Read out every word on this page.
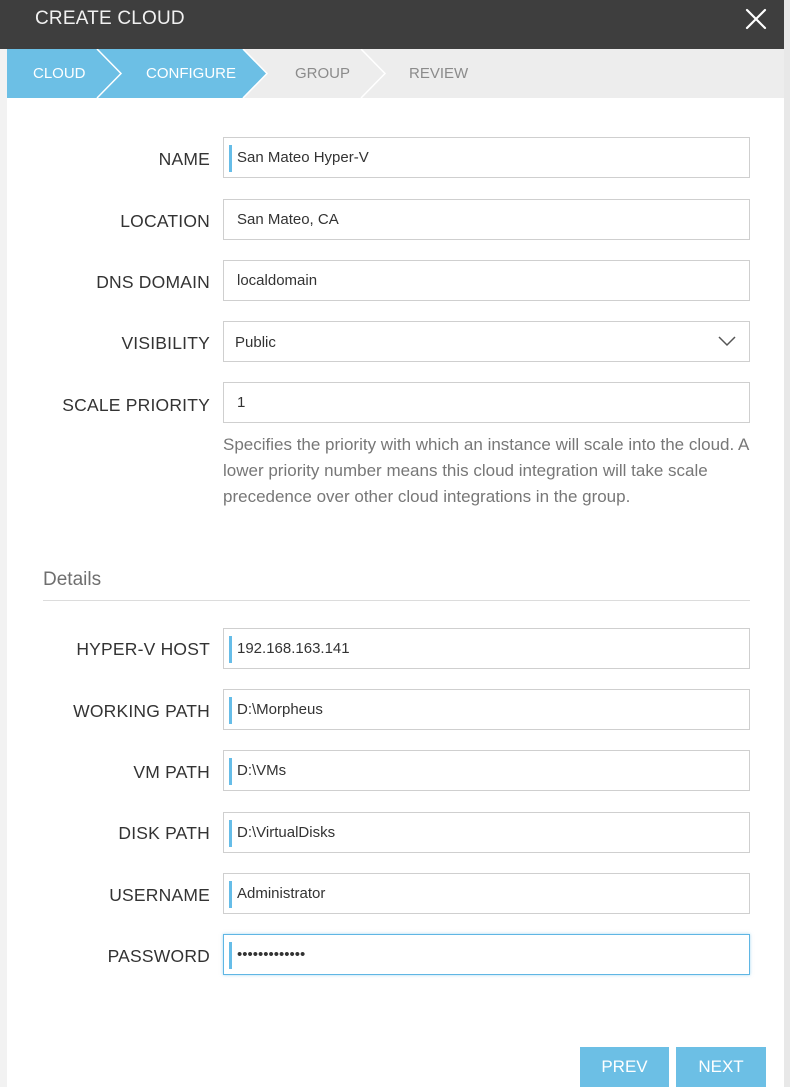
CREATE CLOUD
CLOUD	CONFIGURE	GROUP	REVIEW
NAME
San Mateo Hyper-V
LOCATION
San Mateo, CA
DNS DOMAIN
localdomain
VISIBILITY Public
SCALE PRIORITY
1
Specifies the priority with which an instance will scale into the cloud. A lower priority number means this cloud integration will take scale precedence over other cloud integrations in the group.
Details
HYPER-V HOST
192.168.163.141
WORKING PATH
D:\Morpheus
VM PATH
D:\VMs
DISK PATH
D:\VirtualDisks
USERNAME
Administrator
PASSWORD
•••••••••••••
PREV	NEXT
